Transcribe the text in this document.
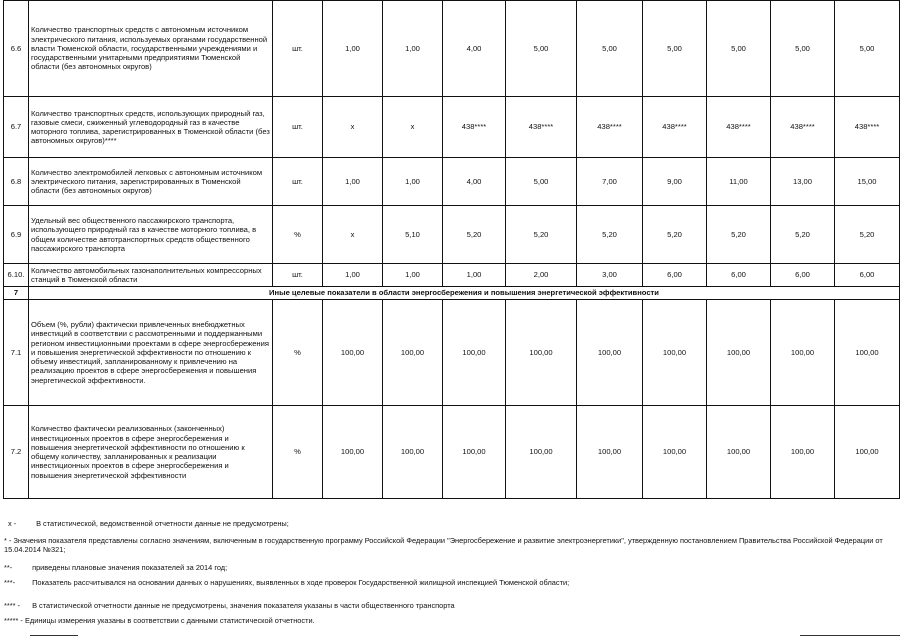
6.6	Количество транспортных средств с автономным источником электрического питания, используемых органами государственной власти Тюменской области, государственными учреждениями и государственными унитарными предприятиями Тюменской области (без автономных округов)	шт.	1,00	1,00	4,00	5,00	5,00	5,00	5,00	5,00	5,00
6.7	Количество транспортных средств, использующих природный газ, газовые смеси, сжиженный углеводородный газ в качестве моторного топлива, зарегистрированных в Тюменской области (без автономных округов)****	шт.	x	x	438****	438****	438****	438****	438****	438****	438****
6.8	Количество электромобилей легковых с автономным источником электрического питания, зарегистрированных в Тюменской области (без автономных округов)	шт.	1,00	1,00	4,00	5,00	7,00	9,00	11,00	13,00	15,00
6.9	Удельный вес общественного пассажирского транспорта, использующего природный газ в качестве моторного топлива, в общем количестве автотранспортных средств общественного пассажирского транспорта	%	x	5,10	5,20	5,20	5,20	5,20	5,20	5,20	5,20
6.10.	Количество автомобильных газонаполнительных компрессорных станций в Тюменской области	шт.	1,00	1,00	1,00	2,00	3,00	6,00	6,00	6,00	6,00
7	Иные целевые показатели в области энергосбережения и повышения энергетической эффективности										
7.1	Объем (%, рубли) фактически привлеченных внебюджетных инвестиций в соответствии с рассмотренными и поддержанными регионом инвестиционными проектами в сфере энергосбережения и повышения энергетической эффективности по отношению к объему инвестиций, запланированному к привлечению на реализацию проектов в сфере энергосбережения и повышения энергетической эффективности.	%	100,00	100,00	100,00	100,00	100,00	100,00	100,00	100,00	100,00
7.2	Количество фактически реализованных (законченных) инвестиционных проектов в сфере энергосбережения и повышения энергетической эффективности по отношению к общему количеству, запланированных к реализации инвестиционных проектов в сфере энергосбережения и повышения энергетической эффективности	%	100,00	100,00	100,00	100,00	100,00	100,00	100,00	100,00	100,00
х -	В статистической, ведомственной отчетности данные не предусмотрены;
* - Значения показателя представлены согласно значениям, включенным в государственную программу Российской Федерации "Энергосбережение и развитие электроэнергетики", утвержденную постановлением Правительства Российской Федерации от 15.04.2014 №321;
**-	приведены плановые значения показателей за 2014 год;
***- Показатель рассчитывался на основании данных о нарушениях, выявленных в ходе проверок Государственной жилищной инспекцией Тюменской области;
**** - В статистической отчетности данные не предусмотрены, значения показателя указаны в части общественного транспорта
***** - Единицы измерения указаны в соответствии с данными статистической отчетности.
